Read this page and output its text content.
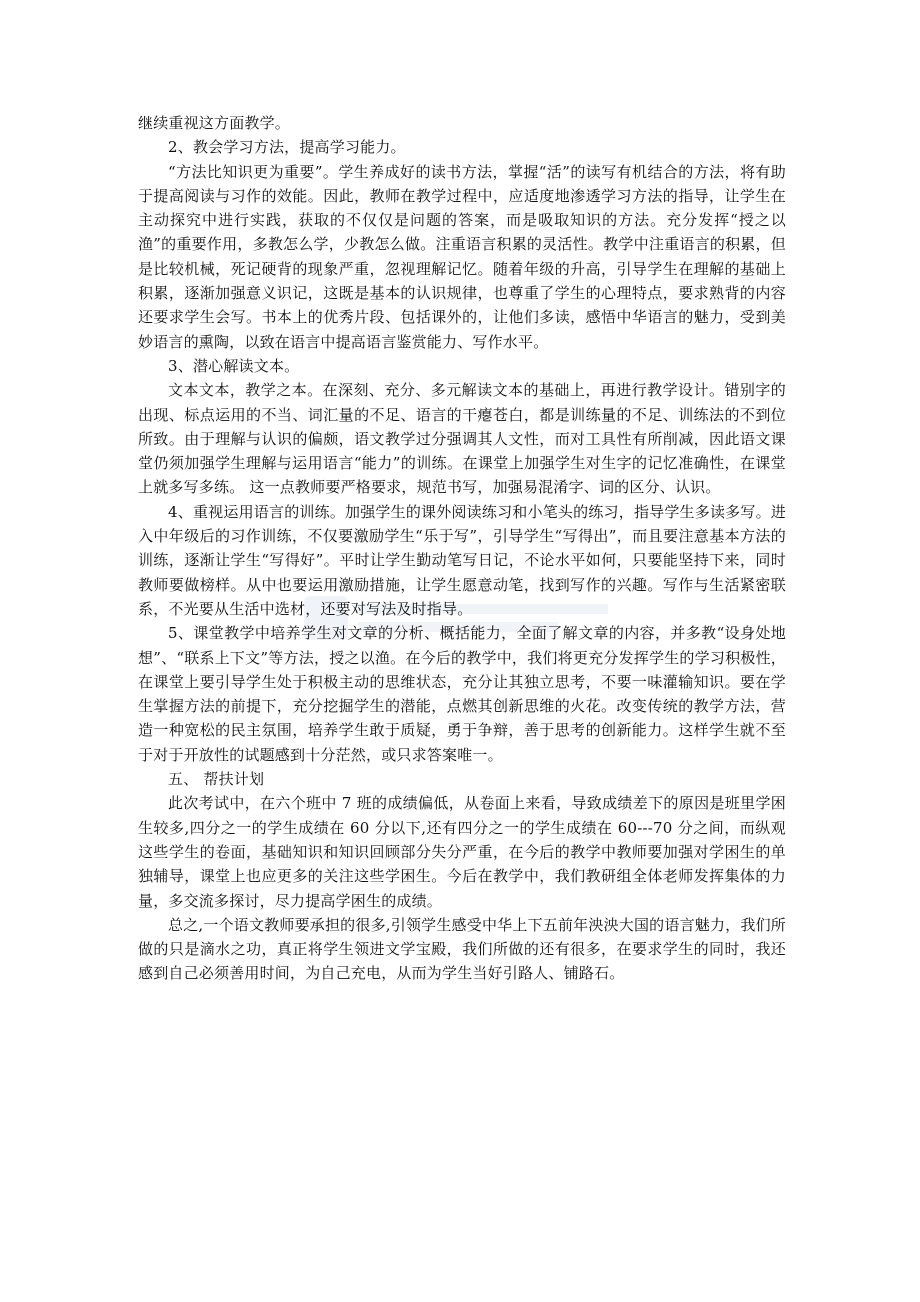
继续重视这方面教学。

2、教会学习方法，提高学习能力。

“方法比知识更为重要”。学生养成好的读书方法，掌握“活”的读写有机结合的方法，将有助于提高阅读与习作的效能。因此，教师在教学过程中，应适度地渗透学习方法的指导，让学生在主动探究中进行实践，获取的不仅仅是问题的答案，而是吸取知识的方法。充分发挥“授之以渔”的重要作用，多教怎么学，少教怎么做。注重语言积累的灵活性。教学中注重语言的积累，但是比较机械，死记硬背的现象严重，忽视理解记忆。随着年级的升高，引导学生在理解的基础上积累，逐渐加强意义识记，这既是基本的认识规律，也尊重了学生的心理特点，要求熟背的内容还要求学生会写。书本上的优秀片段、包括课外的，让他们多读，感悟中华语言的魅力，受到美妙语言的熏陶，以致在语言中提高语言鉴赏能力、写作水平。

3、潜心解读文本。

文本文本，教学之本。在深刻、充分、多元解读文本的基础上，再进行教学设计。错别字的出现、标点运用的不当、词汇量的不足、语言的干瘪苍白，都是训练量的不足、训练法的不到位所致。由于理解与认识的偏颇，语文教学过分强调其人文性，而对工具性有所削减，因此语文课堂仍须加强学生理解与运用语言“能力”的训练。在课堂上加强学生对生字的记忆准确性，在课堂上就多写多练。 这一点教师要严格要求，规范书写，加强易混淆字、词的区分、认识。

4、重视运用语言的训练。加强学生的课外阅读练习和小笔头的练习，指导学生多读多写。进入中年级后的习作训练，不仅要激励学生“乐于写”，引导学生“写得出”，而且要注意基本方法的训练，逐渐让学生“写得好”。平时让学生勤动笔写日记，不论水平如何，只要能坚持下来，同时教师要做榜样。从中也要运用激励措施，让学生愿意动笔，找到写作的兴趣。写作与生活紧密联系，不光要从生活中选材，还要对写法及时指导。

5、课堂教学中培养学生对文章的分析、概括能力，全面了解文章的内容，并多教“设身处地想”、“联系上下文”等方法，授之以渔。在今后的教学中，我们将更充分发挥学生的学习积极性，在课堂上要引导学生处于积极主动的思维状态，充分让其独立思考，不要一味灌输知识。要在学生掌握方法的前提下，充分挖掘学生的潜能，点燃其创新思维的火花。改变传统的教学方法，营造一种宽松的民主氛围，培养学生敢于质疑，勇于争辩，善于思考的创新能力。这样学生就不至于对于开放性的试题感到十分茫然，或只求答案唯一。

五、 帮扶计划

此次考试中，在六个班中 7 班的成绩偏低，从卷面上来看，导致成绩差下的原因是班里学困生较多,四分之一的学生成绩在 60 分以下,还有四分之一的学生成绩在 60---70 分之间，而纵观这些学生的卷面，基础知识和知识回顾部分失分严重，在今后的教学中教师要加强对学困生的单独辅导，课堂上也应更多的关注这些学困生。今后在教学中，我们教研组全体老师发挥集体的力量，多交流多探讨，尽力提高学困生的成绩。

总之,一个语文教师要承担的很多,引领学生感受中华上下五前年泱泱大国的语言魅力，我们所做的只是滴水之功，真正将学生领进文学宝殿，我们所做的还有很多，在要求学生的同时，我还感到自己必须善用时间，为自己充电，从而为学生当好引路人、铺路石。
